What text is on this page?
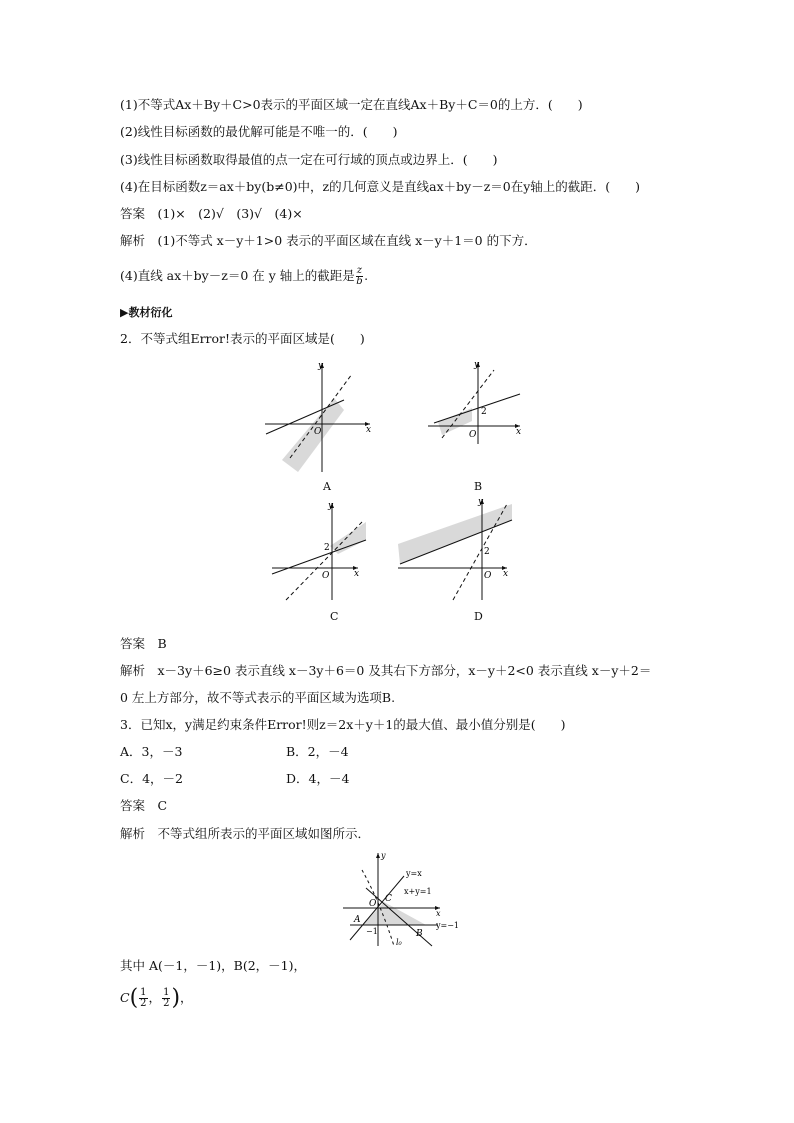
(1)不等式Ax＋By＋C>0表示的平面区域一定在直线Ax＋By＋C＝0的上方．(　　)
(2)线性目标函数的最优解可能是不唯一的．(　　)
(3)线性目标函数取得最值的点一定在可行域的顶点或边界上．(　　)
(4)在目标函数z＝ax＋by(b≠0)中，z的几何意义是直线ax＋by－z＝0在y轴上的截距．(　　)
答案　(1)×　(2)√　(3)√　(4)×
解析　(1)不等式 x－y＋1>0 表示的平面区域在直线 x－y＋1＝0 的下方．
(4)直线 ax＋by－z＝0 在 y 轴上的截距是 $\frac{z}{b}$ .
▶教材衍化
2．不等式组Error!表示的平面区域是(　　)
O	x
y
A
2
O	x
y
B
2
O	x
y
C
2
O x
y
D
答案　B
解析　x－3y＋6≥0 表示直线 x－3y＋6＝0 及其右下方部分，x－y＋2<0 表示直线 x－y＋2＝
0 左上方部分，故不等式表示的平面区域为选项B.
3．已知x，y满足约束条件Error!则z＝2x＋y＋1的最大值、最小值分别是(　　)
A．3，－3	B．2，－4
C．4，－2	D．4，－4
答案　C
解析　不等式组所表示的平面区域如图所示．
y=x
x+y=1
y=−1
C
A
B
O
−1
l₀
x
y
其中 A(－1，－1)，B(2，－1)，
$C( \frac{1}{2}$ ， $\frac{1}{2}$ )，
